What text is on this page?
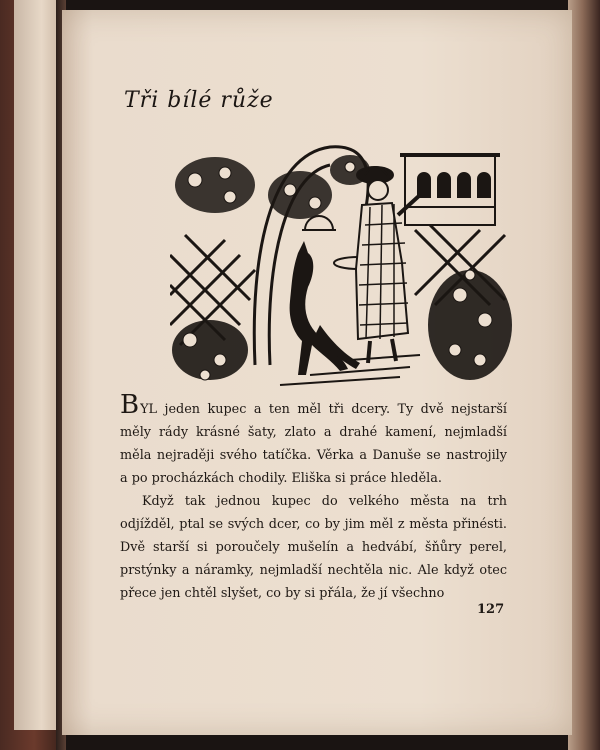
Tři bílé růže

BYL jeden kupec a ten měl tři dcery. Ty dvě nejstarší měly rády krásné šaty, zlato a drahé kamení, nejmladší měla nejraději svého tatíčka. Věrka a Danuše se nastrojily a po procházkách chodily. Eliška si práce hleděla.

Když tak jednou kupec do velkého města na trh odjížděl, ptal se svých dcer, co by jim měl z města přinésti. Dvě starší si poroučely mušelín a hedvábí, šňůry perel, prstýnky a náramky, nejmladší nechtěla nic. Ale když otec přece jen chtěl slyšet, co by si přála, že jí všechno

127
